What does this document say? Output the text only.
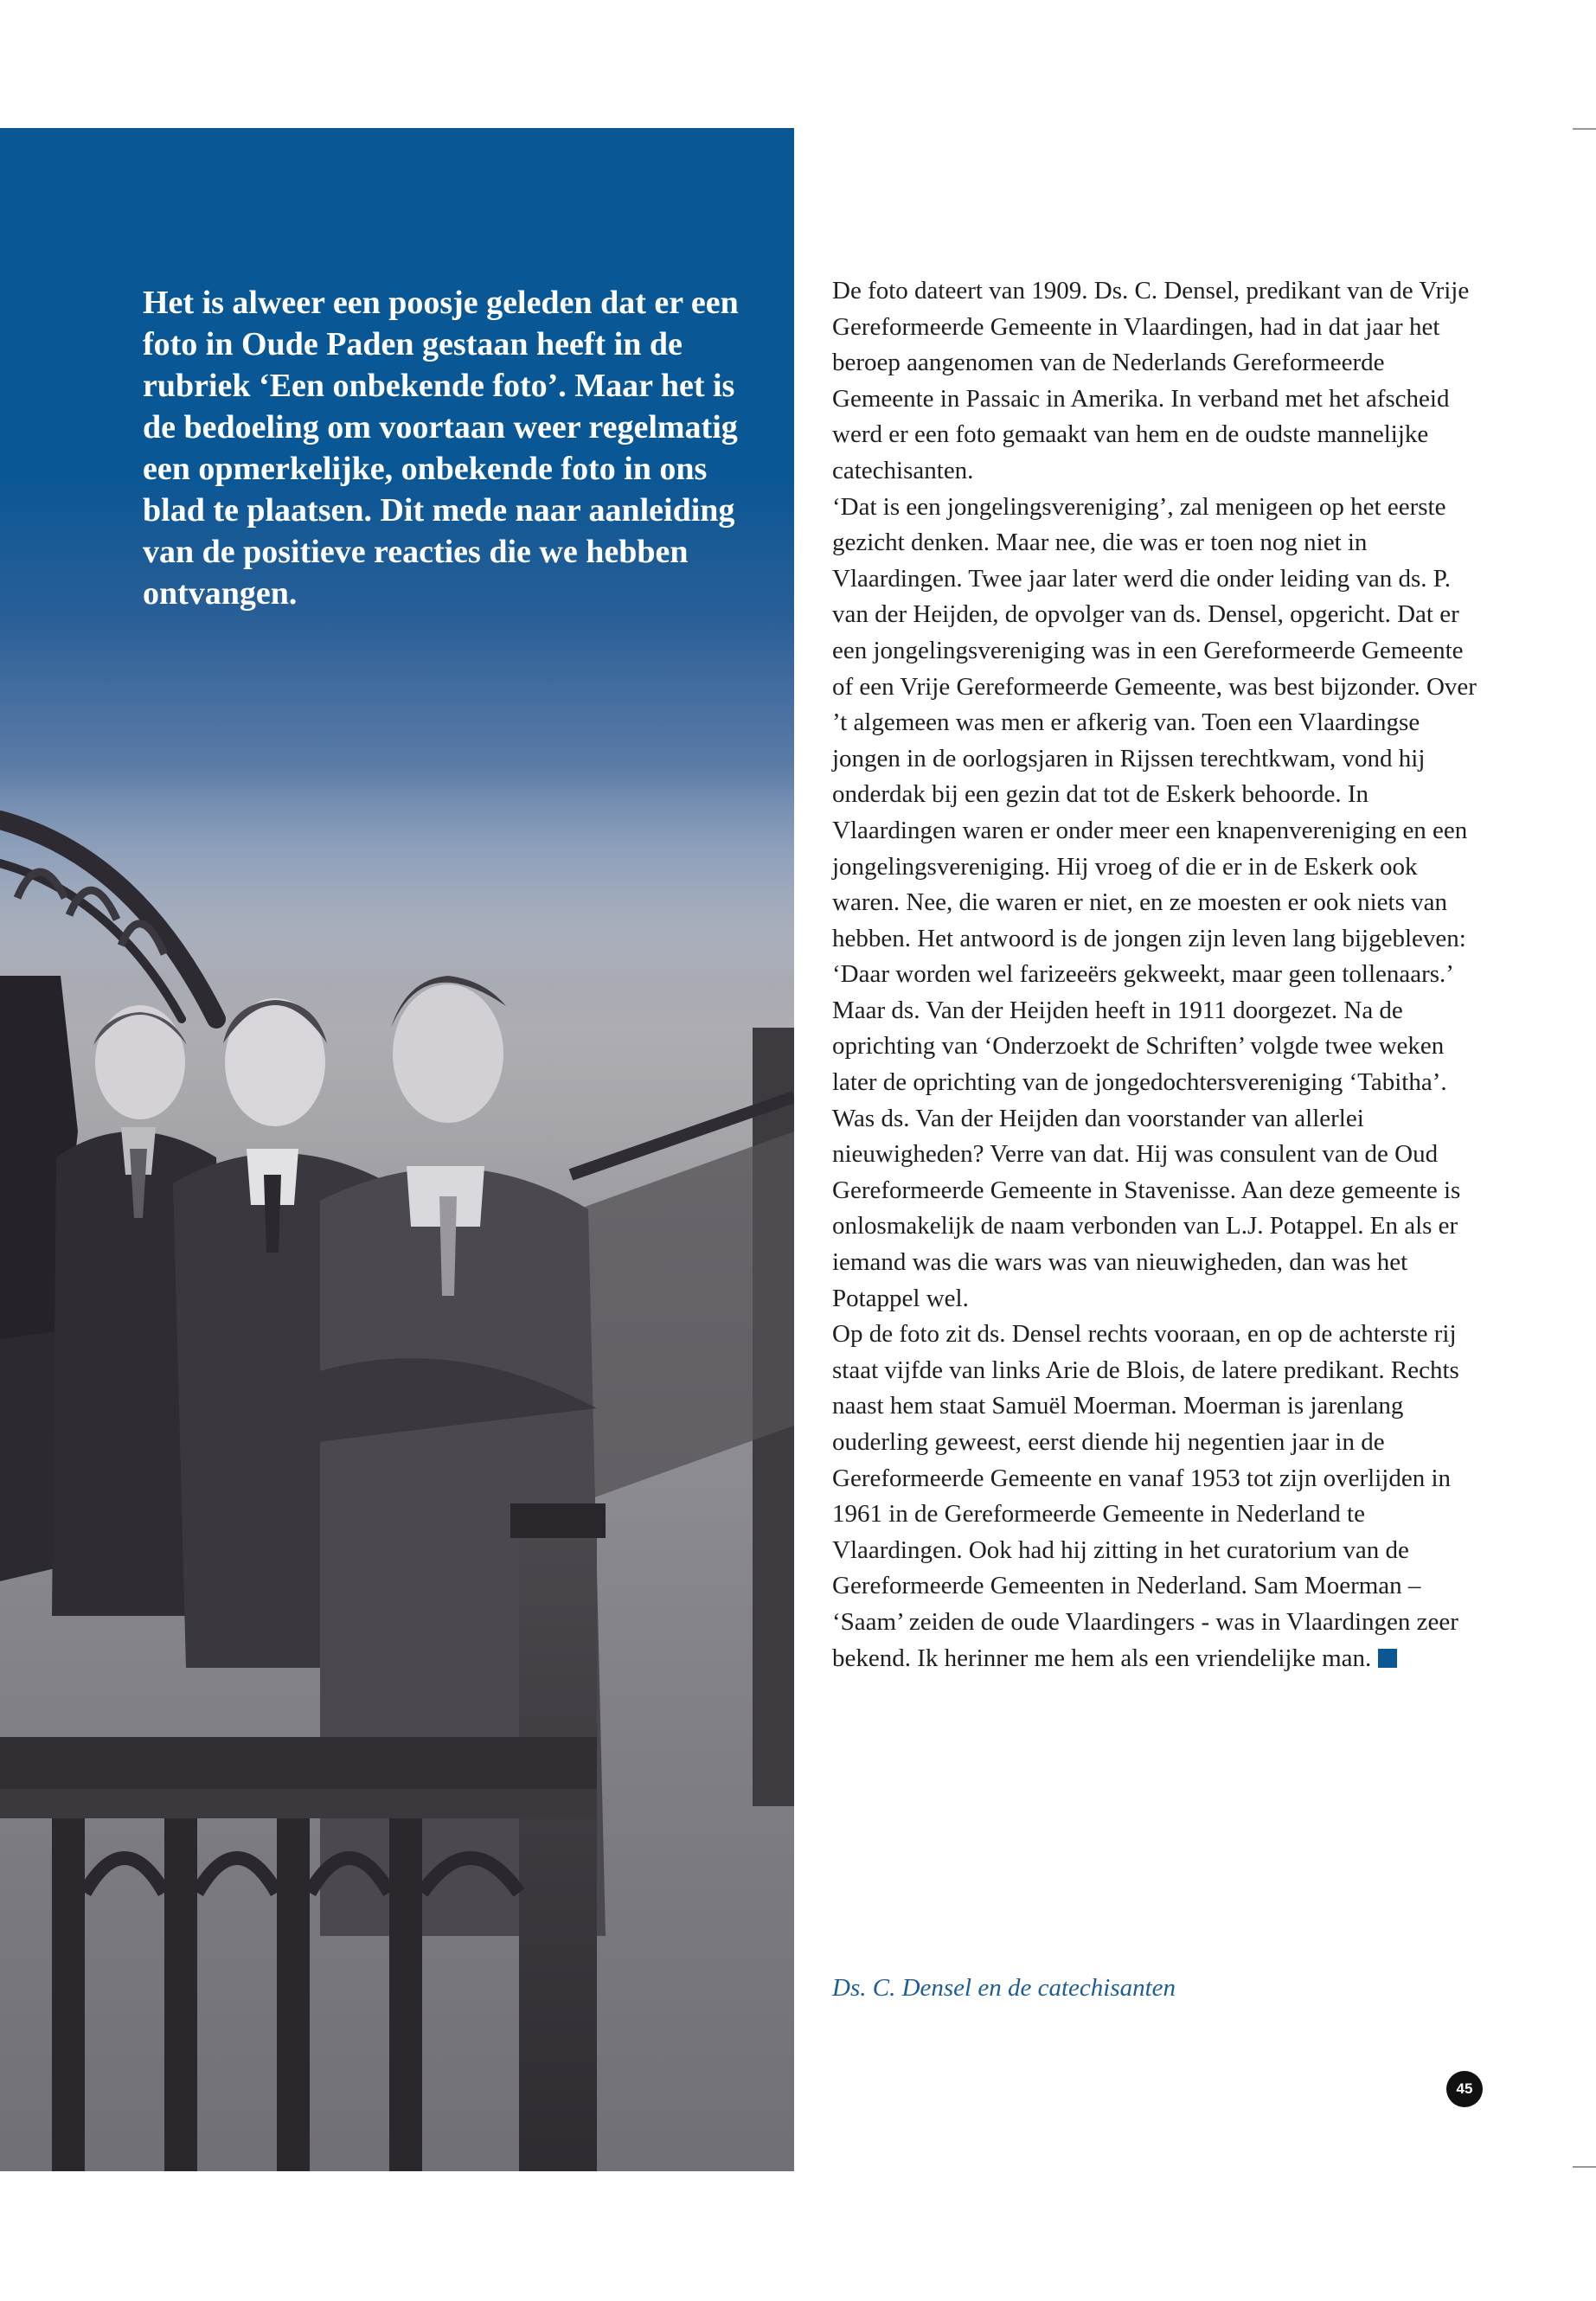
Het is alweer een poosje geleden dat er een foto in Oude Paden gestaan heeft in de rubriek ‘Een onbekende foto’. Maar het is de bedoeling om voortaan weer regelmatig een opmerkelijke, onbekende foto in ons blad te plaatsen. Dit mede naar aanleiding van de positieve reacties die we hebben ontvangen.

De foto dateert van 1909. Ds. C. Densel, predikant van de Vrije Gereformeerde Gemeente in Vlaardingen, had in dat jaar het beroep aangenomen van de Nederlands Gereformeerde Gemeente in Passaic in Amerika. In verband met het afscheid werd er een foto gemaakt van hem en de oudste mannelijke catechisanten.

‘Dat is een jongelingsvereniging’, zal menigeen op het eerste gezicht denken. Maar nee, die was er toen nog niet in Vlaardingen. Twee jaar later werd die onder leiding van ds. P. van der Heijden, de opvolger van ds. Densel, opgericht. Dat er een jongelingsvereniging was in een Gereformeerde Gemeente of een Vrije Gereformeerde Gemeente, was best bijzonder. Over ’t algemeen was men er afkerig van. Toen een Vlaardingse jongen in de oorlogsjaren in Rijssen terechtkwam, vond hij onderdak bij een gezin dat tot de Eskerk behoorde. In Vlaardingen waren er onder meer een knapenvereniging en een jongelingsvereniging. Hij vroeg of die er in de Eskerk ook waren. Nee, die waren er niet, en ze moesten er ook niets van hebben. Het antwoord is de jongen zijn leven lang bijgebleven: ‘Daar worden wel farizeeërs gekweekt, maar geen tollenaars.’

Maar ds. Van der Heijden heeft in 1911 doorgezet. Na de oprichting van ‘Onderzoekt de Schriften’ volgde twee weken later de oprichting van de jongedochtersvereniging ‘Tabitha’. Was ds. Van der Heijden dan voorstander van allerlei nieuwigheden? Verre van dat. Hij was consulent van de Oud Gereformeerde Gemeente in Stavenisse. Aan deze gemeente is onlosmakelijk de naam verbonden van L.J. Potappel. En als er iemand was die wars was van nieuwigheden, dan was het Potappel wel.

Op de foto zit ds. Densel rechts vooraan, en op de achterste rij staat vijfde van links Arie de Blois, de latere predikant. Rechts naast hem staat Samuël Moerman. Moerman is jarenlang ouderling geweest, eerst diende hij negentien jaar in de Gereformeerde Gemeente en vanaf 1953 tot zijn overlijden in 1961 in de Gereformeerde Gemeente in Nederland te Vlaardingen. Ook had hij zitting in het curatorium van de Gereformeerde Gemeenten in Nederland. Sam Moerman – ‘Saam’ zeiden de oude Vlaardingers - was in Vlaardingen zeer bekend. Ik herinner me hem als een vriendelijke man.

Ds. C. Densel en de catechisanten

45
